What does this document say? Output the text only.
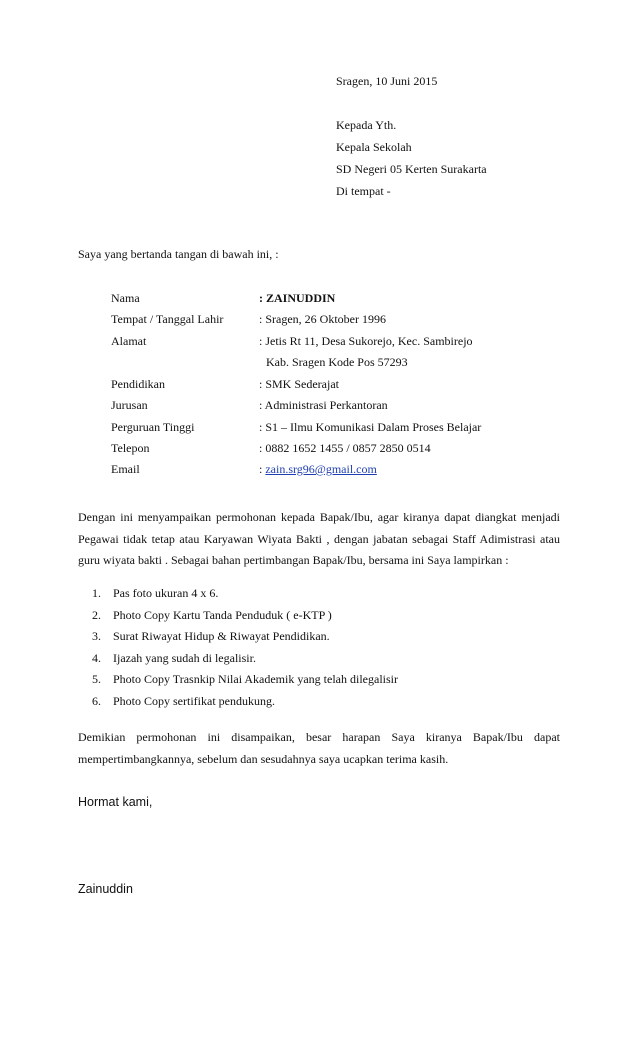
Sragen, 10 Juni 2015
Kepada Yth.
Kepala Sekolah
SD Negeri 05 Kerten Surakarta
Di tempat -
Saya yang bertanda tangan di bawah ini, :
Nama	: ZAINUDDIN
Tempat / Tanggal Lahir	: Sragen, 26 Oktober 1996
Alamat	: Jetis Rt 11, Desa Sukorejo, Kec. Sambirejo
Kab. Sragen Kode Pos 57293
Pendidikan	: SMK Sederajat
Jurusan	: Administrasi Perkantoran
Perguruan Tinggi	: S1 – Ilmu Komunikasi Dalam Proses Belajar
Telepon	: 0882 1652 1455 / 0857 2850 0514
Email	: zain.srg96@gmail.com
Dengan ini menyampaikan permohonan kepada Bapak/Ibu, agar kiranya dapat diangkat menjadi
Pegawai tidak tetap atau Karyawan Wiyata Bakti , dengan jabatan sebagai Staff Adimistrasi atau
guru wiyata bakti . Sebagai bahan pertimbangan Bapak/Ibu, bersama ini Saya lampirkan :
1. Pas foto ukuran 4 x 6.
2. Photo Copy Kartu Tanda Penduduk ( e-KTP )
3. Surat Riwayat Hidup & Riwayat Pendidikan.
4. Ijazah yang sudah di legalisir.
5. Photo Copy Trasnkip Nilai Akademik yang telah dilegalisir
6. Photo Copy sertifikat pendukung.
Demikian permohonan ini disampaikan, besar harapan Saya kiranya Bapak/Ibu dapat
mempertimbangkannya, sebelum dan sesudahnya saya ucapkan terima kasih.
Hormat kami,
Zainuddin
